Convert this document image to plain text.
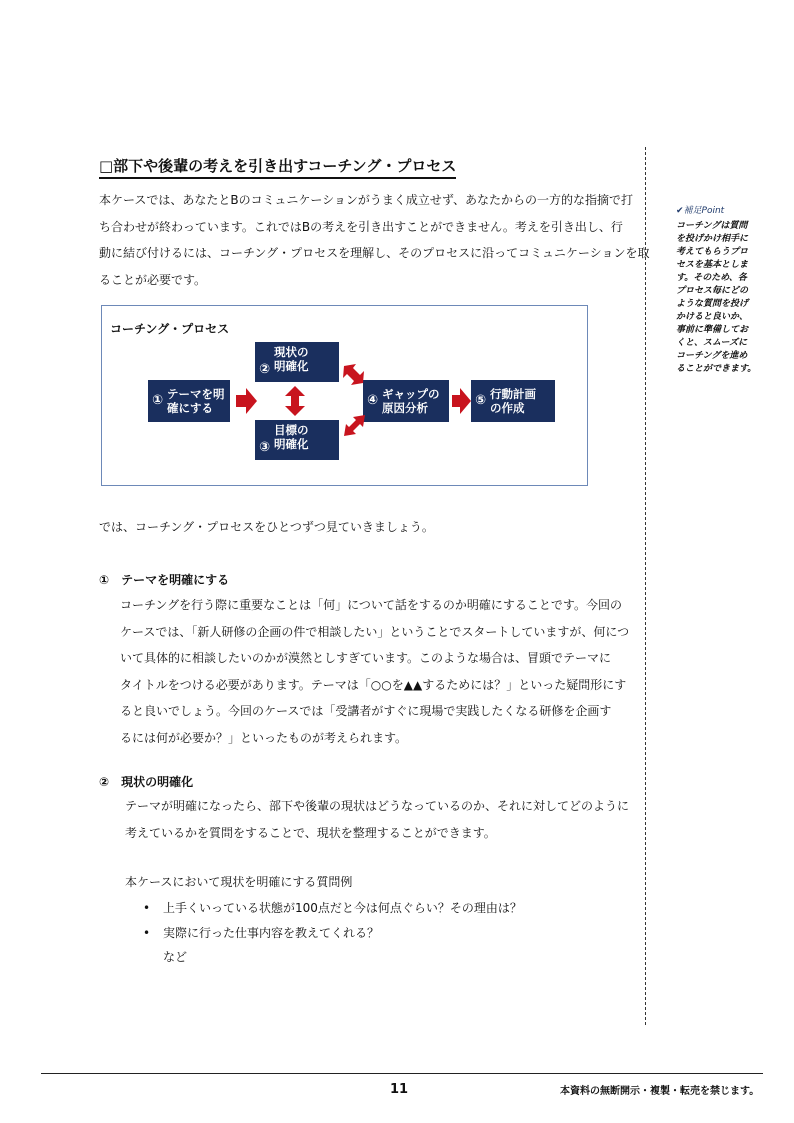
□部下や後輩の考えを引き出すコーチング・プロセス
本ケースでは、あなたとBのコミュニケーションがうまく成立せず、あなたからの一方的な指摘で打
ち合わせが終わっています。これではBの考えを引き出すことができません。考えを引き出し、行
動に結び付けるには、コーチング・プロセスを理解し、そのプロセスに沿ってコミュニケーションを取
ることが必要です。
コーチング・プロセス
① テーマを明
確にする
②
現状の
明確化
③
目標の
明確化
④ ギャップの
原因分析	⑤ 行動計画
の作成
では、コーチング・プロセスをひとつずつ見ていきましょう。
①　テーマを明確にする
コーチングを行う際に重要なことは「何」について話をするのか明確にすることです。今回の
ケースでは、「新人研修の企画の件で相談したい」ということでスタートしていますが、何につ
いて具体的に相談したいのかが漠然としすぎています。このような場合は、冒頭でテーマに
タイトルをつける必要があります。テーマは「○○を▲▲するためには？」といった疑問形にす
ると良いでしょう。今回のケースでは「受講者がすぐに現場で実践したくなる研修を企画す
るには何が必要か？」といったものが考えられます。
②　現状の明確化
テーマが明確になったら、部下や後輩の現状はどうなっているのか、それに対してどのように
考えているかを質問をすることで、現状を整理することができます。
本ケースにおいて現状を明確にする質問例
• 上手くいっている状態が100点だと今は何点ぐらい？その理由は？
• 実際に行った仕事内容を教えてくれる？
など
✔補足Point
コーチングは質問
を投げかけ相手に
考えてもらうプロ
セスを基本としま
す。そのため、各
プロセス毎にどの
ような質問を投げ
かけると良いか、
事前に準備してお
くと、スムーズに
コーチングを進め
ることができます。
11	本資料の無断開示・複製・転売を禁じます。
